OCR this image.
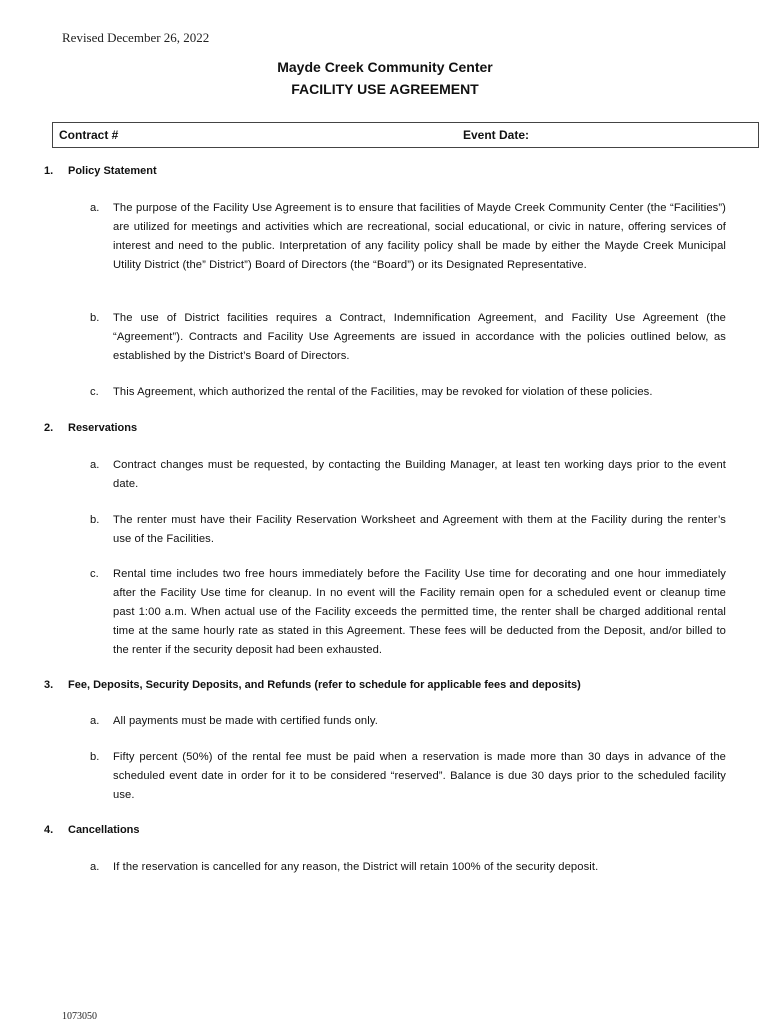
Revised December 26, 2022
Mayde Creek Community Center
FACILITY USE AGREEMENT
Contract #	Event Date:
1.	Policy Statement
a.	The purpose of the Facility Use Agreement is to ensure that facilities of Mayde Creek Community Center (the “Facilities”) are utilized for meetings and activities which are recreational, social educational, or civic in nature, offering services of interest and need to the public. Interpretation of any facility policy shall be made by either the Mayde Creek Municipal Utility District (the” District”) Board of Directors (the “Board”) or its Designated Representative.
b.	The use of District facilities requires a Contract, Indemnification Agreement, and Facility Use Agreement (the “Agreement”). Contracts and Facility Use Agreements are issued in accordance with the policies outlined below, as established by the District’s Board of Directors.
c.	This Agreement, which authorized the rental of the Facilities, may be revoked for violation of these policies.
2.	Reservations
a.	Contract changes must be requested, by contacting the Building Manager, at least ten working days prior to the event date.
b.	The renter must have their Facility Reservation Worksheet and Agreement with them at the Facility during the renter’s use of the Facilities.
c.	Rental time includes two free hours immediately before the Facility Use time for decorating and one hour immediately after the Facility Use time for cleanup. In no event will the Facility remain open for a scheduled event or cleanup time past 1:00 a.m. When actual use of the Facility exceeds the permitted time, the renter shall be charged additional rental time at the same hourly rate as stated in this Agreement. These fees will be deducted from the Deposit, and/or billed to the renter if the security deposit had been exhausted.
3.	Fee, Deposits, Security Deposits, and Refunds (refer to schedule for applicable fees and deposits)
a.	All payments must be made with certified funds only.
b.	Fifty percent (50%) of the rental fee must be paid when a reservation is made more than 30 days in advance of the scheduled event date in order for it to be considered “reserved”. Balance is due 30 days prior to the scheduled facility use.
4.	Cancellations
a.	If the reservation is cancelled for any reason, the District will retain 100% of the security deposit.
1073050
